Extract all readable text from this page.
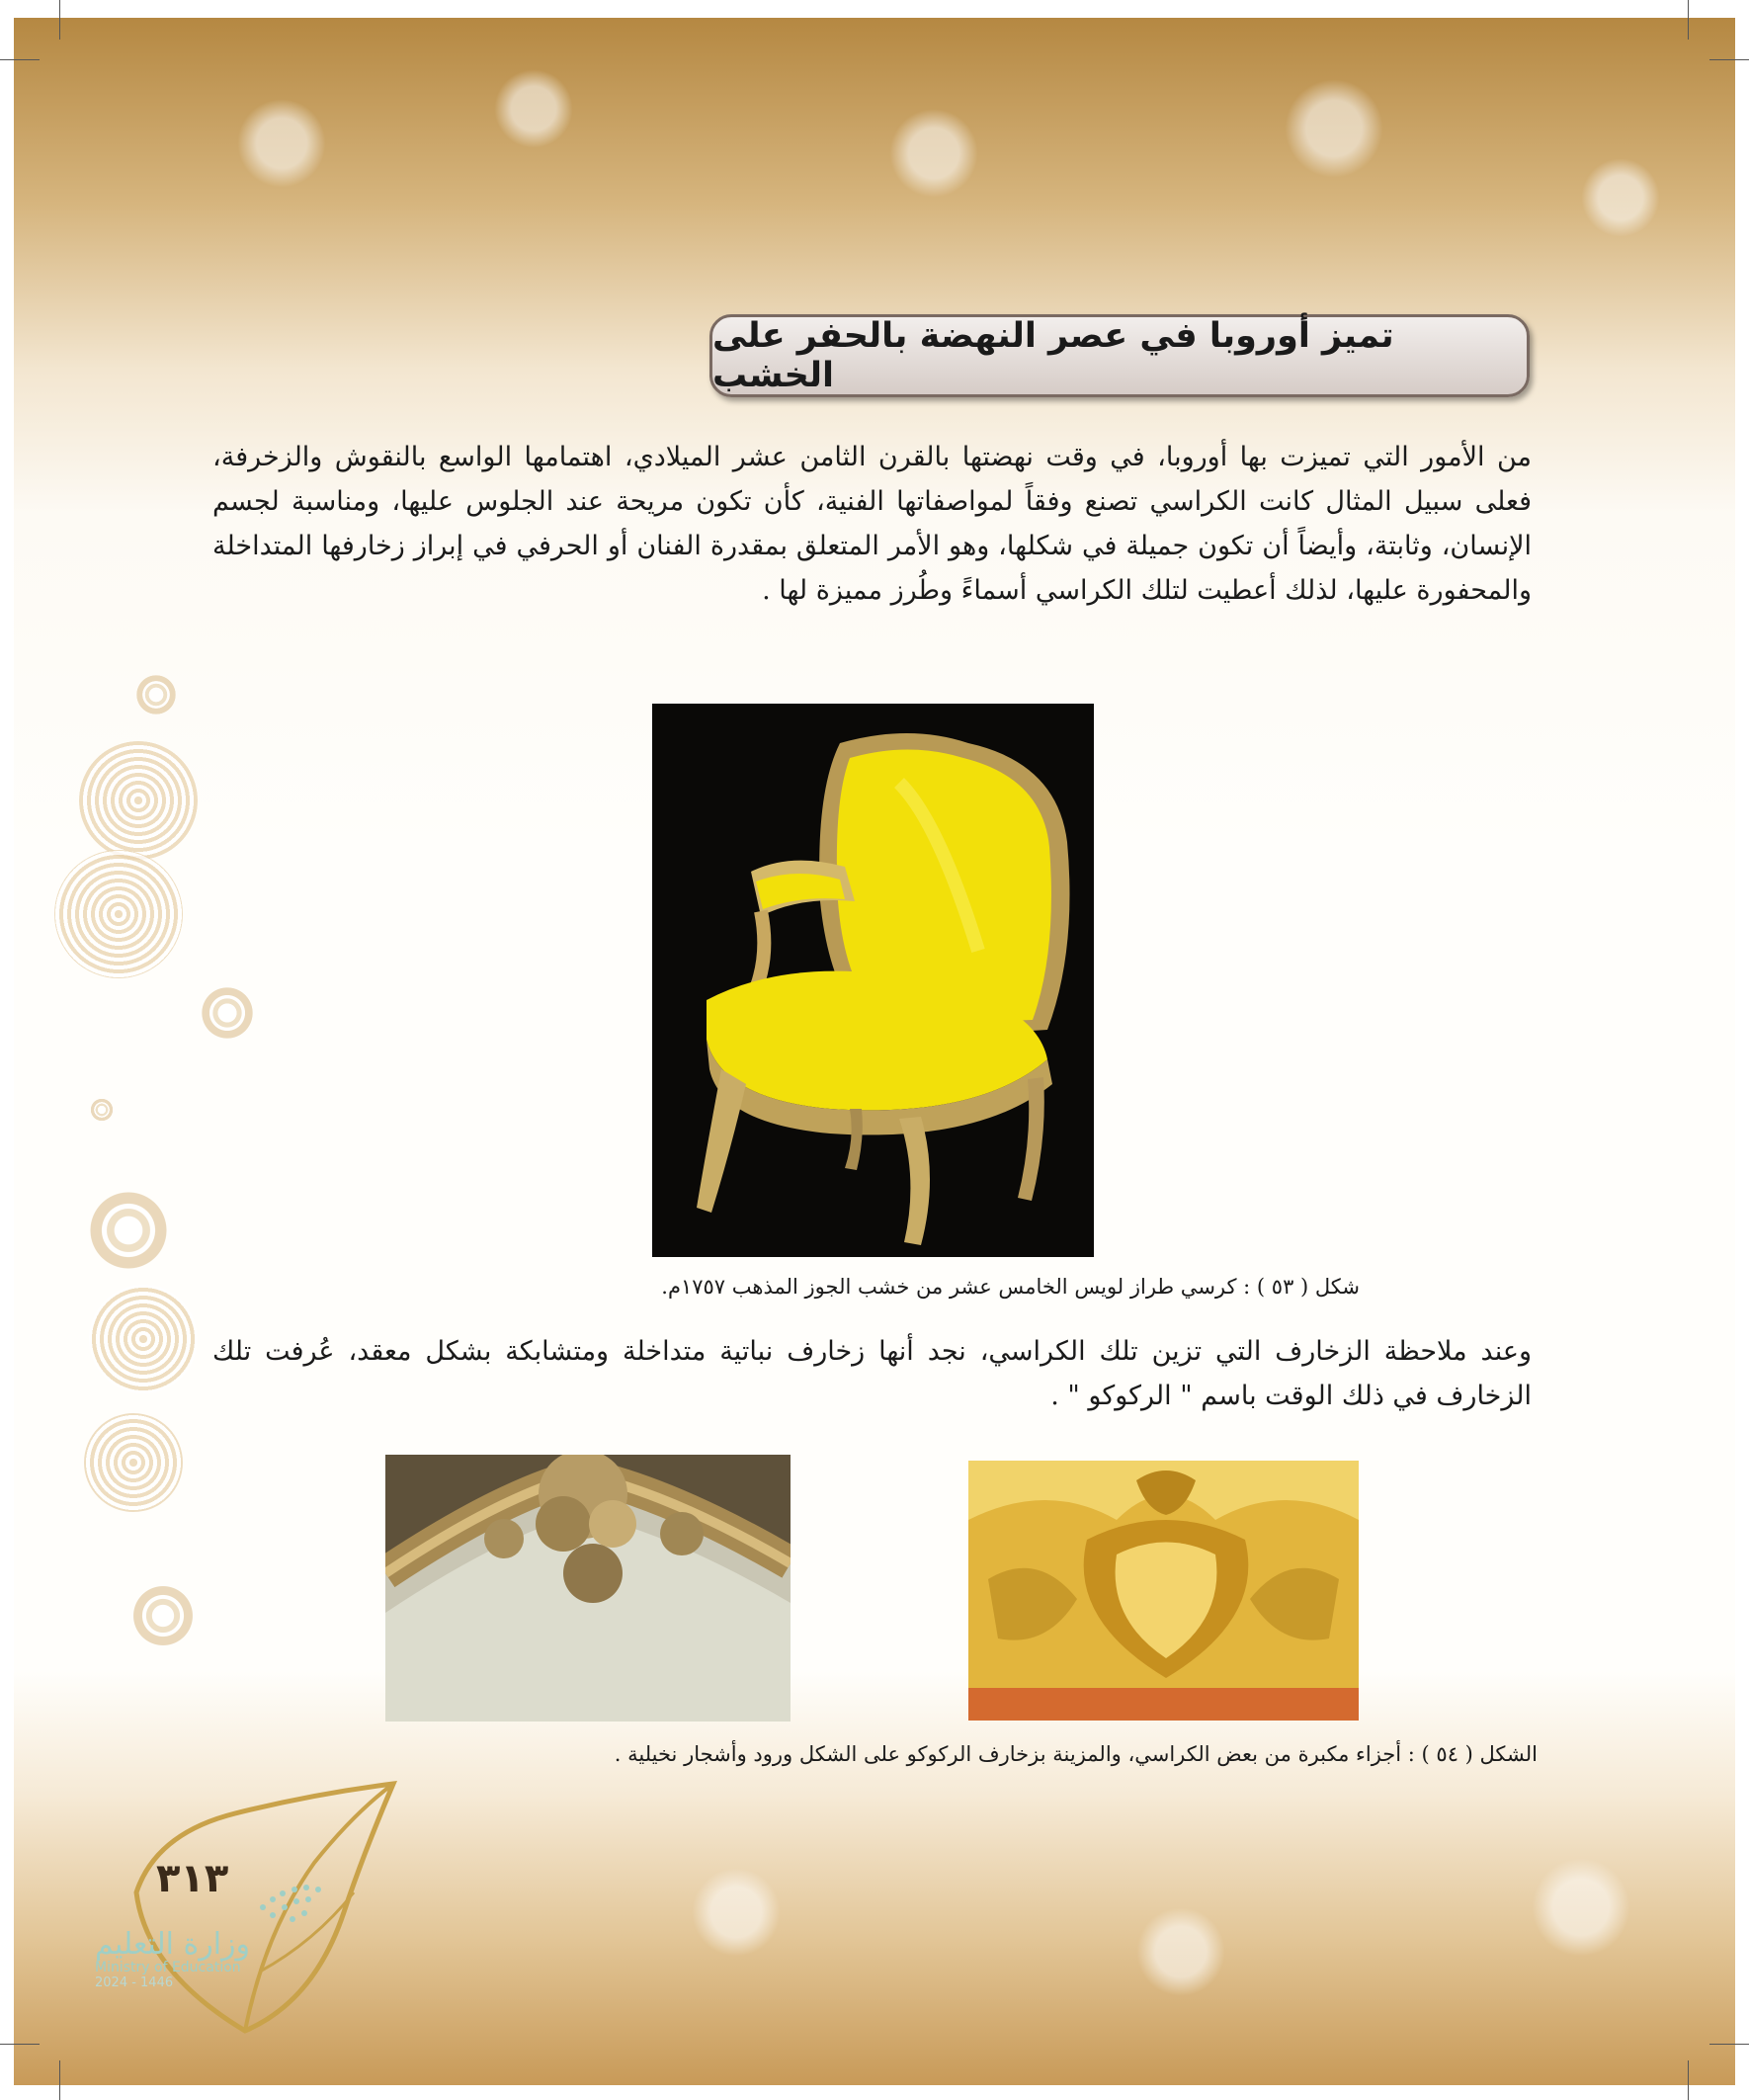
تميز أوروبا في عصر النهضة بالحفر على الخشب
من الأمور التي تميزت بها أوروبا، في وقت نهضتها بالقرن الثامن عشر الميلادي، اهتمامها الواسع بالنقوش والزخرفة، فعلى سبيل المثال كانت الكراسي تصنع وفقاً لمواصفاتها الفنية، كأن تكون مريحة عند الجلوس عليها، ومناسبة لجسم الإنسان، وثابتة، وأيضاً أن تكون جميلة في شكلها، وهو الأمر المتعلق بمقدرة الفنان أو الحرفي في إبراز زخارفها المتداخلة والمحفورة عليها، لذلك أعطيت لتلك الكراسي أسماءً وطُرز مميزة لها .
شكل ( ٥٣ ) : كرسي طراز لويس الخامس عشر من خشب الجوز المذهب ١٧٥٧م.
وعند ملاحظة الزخارف التي تزين تلك الكراسي، نجد أنها زخارف نباتية متداخلة ومتشابكة بشكل معقد، عُرفت تلك الزخارف في ذلك الوقت باسم " الركوكو " .
الشكل ( ٥٤ ) : أجزاء مكبرة من بعض الكراسي، والمزينة بزخارف الركوكو على الشكل ورود وأشجار نخيلية .
٣١٣
وزارة التعليم
Ministry of Education
2024 - 1446
